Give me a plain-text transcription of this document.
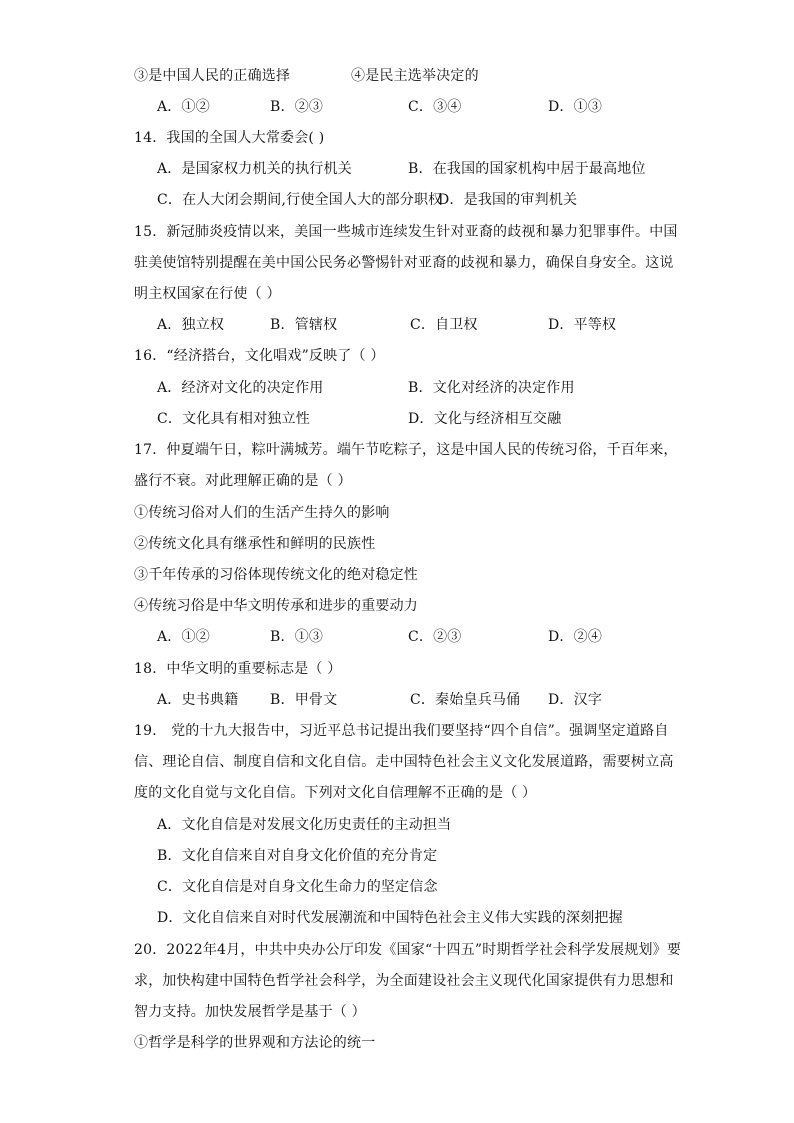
③是中国人民的正确选择	④是民主选举决定的
A．①②	B．②③	C．③④	D．①③
14．我国的全国人大常委会( )
A．是国家权力机关的执行机关	B．在我国的国家机构中居于最高地位
C．在人大闭会期间,行使全国人大的部分职权
D．是我国的审判机关
15．新冠肺炎疫情以来，美国一些城市连续发生针对亚裔的歧视和暴力犯罪事件。中国
驻美使馆特别提醒在美中国公民务必警惕针对亚裔的歧视和暴力，确保自身安全。这说
明主权国家在行使（ ）
A．独立权	B．管辖权	C．自卫权	D．平等权
16．“经济搭台，文化唱戏”反映了（ ）
A．经济对文化的决定作用	B．文化对经济的决定作用
C．文化具有相对独立性	D．文化与经济相互交融
17．仲夏端午日，粽叶满城芳。端午节吃粽子，这是中国人民的传统习俗，千百年来，
盛行不衰。对此理解正确的是（ ）
①传统习俗对人们的生活产生持久的影响
②传统文化具有继承性和鲜明的民族性
③千年传承的习俗体现传统文化的绝对稳定性
④传统习俗是中华文明传承和进步的重要动力
A．①②	B．①③	C．②③	D．②④
18．中华文明的重要标志是（ ）
A．史书典籍 B．甲骨文	C．秦始皇兵马俑 D．汉字
19． 党的十九大报告中，习近平总书记提出我们要坚持“四个自信”。强调坚定道路自
信、理论自信、制度自信和文化自信。走中国特色社会主义文化发展道路，需要树立高
度的文化自觉与文化自信。下列对文化自信理解不正确的是（ ）
A．文化自信是对发展文化历史责任的主动担当
B．文化自信来自对自身文化价值的充分肯定
C．文化自信是对自身文化生命力的坚定信念
D．文化自信来自对时代发展潮流和中国特色社会主义伟大实践的深刻把握
20．2022年4月，中共中央办公厅印发《国家“十四五”时期哲学社会科学发展规划》要
求，加快构建中国特色哲学社会科学，为全面建设社会主义现代化国家提供有力思想和
智力支持。加快发展哲学是基于（ ）
①哲学是科学的世界观和方法论的统一
